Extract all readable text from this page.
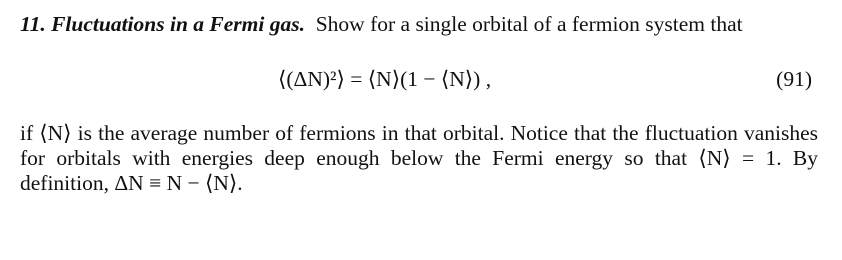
11. Fluctuations in a Fermi gas. Show for a single orbital of a fermion system that

⟨(ΔN)²⟩ = ⟨N⟩(1 − ⟨N⟩) ,	(91)

if ⟨N⟩ is the average number of fermions in that orbital. Notice that the fluctuation vanishes for orbitals with energies deep enough below the Fermi energy so that ⟨N⟩ = 1. By definition, ΔN ≡ N − ⟨N⟩.
